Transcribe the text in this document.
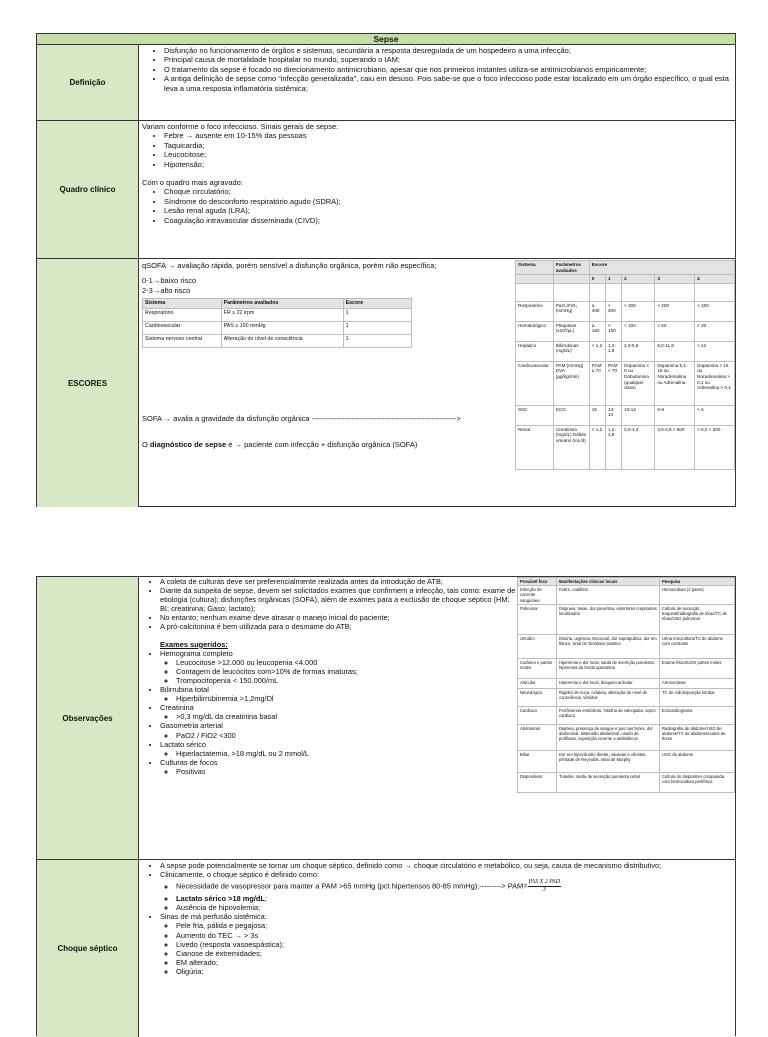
Sepse
Definição
• Disfunção no funcionamento de órgãos e sistemas, secundária a resposta desregulada de um hospedeiro a uma infecção;
• Principal causa de mortalidade hospitalar no mundo, superando o IAM;
• O tratamento da sepse é focado no direcionamento antimicrobiano, apesar que nos primeiros instantes utiliza-se antimicrobianos empiricamente;
• A antiga definição de sepse como “infecção generalizada”, caiu em desuso. Pois sabe-se que o foco infeccioso pode estar localizado em um órgão específico, o qual esta leva a uma resposta inflamatória sistêmica;
Quadro clínico

Variam conforme o foco infeccioso. Sinais gerais de sepse:

• Febre → ausente em 10-15% das pessoas
• Taquicardia;
• Leucocitose;
• Hipotensão;

Com o quadro mais agravado:

• Choque circulatório;
• Síndrome do desconforto respiratório agudo (SDRA);
• Lesão renal aguda (LRA);
• Coagulação intravascular disseminada (CIVD);
ESCORES

qSOFA → avaliação rápida, porém sensível a disfunção orgânica, porém não específica;

0-1→baixo risco

2-3→alto risco

Sistema	Parâmetros avaliados	Escore
Respiratório	FR ≥ 22 irpm	1
Cardiovascular	PAS ≤ 100 mmHg	1
Sistema nervoso central	Alteração do nível de consciência	1

SOFA → avalia a gravidade da disfunção orgânica ---------------------------------------------------------->

O diagnóstico de sepse é → paciente com infecção + disfunção orgânica (SOFA)

Sistema	Parâmetros avaliados	Escore				
		0	1	2	3	4

Respiratório	PaO₂/FiO₂ (mmHg)	≥ 400	< 400	< 300	< 200	< 100
Hematológico	Plaquetas (x10³/µL)	≥ 150	< 150	< 100	< 50	< 20
Hepático	Bilirrubinas (mg/dL)	< 1,2	1,2-1,9	2,0-5,9	6,0-11,9	> 12
Cardiovascular	PAM (mmHg) DVA (µg/kg/min)	PAM ≥ 70	PAM < 70	Dopamina < 5 ou Dobutamina (qualquer dose)	Dopamina 5,1-15 ou Noradrenalina ou Adrenalina	Dopamina > 15 ou Noradrenalina > 0,1 ou Adrenalina > 0,1
SNC	ECG	15	13-14	10-12	6-9	< 6
Renal	Creatinina (mg/dL) Débito urinário (mL/d)	< 1,2	1,2-1,9	2,0-3,4	3,5-4,9 < 500	> 5,0 < 200
Observações
• A coleta de culturas deve ser preferencialmente realizada antes da introdução de ATB;
• Diante da suspeita de sepse, devem ser solicitados exames que confirmem a infecção, tais como: exame de etiologia (cultura); disfunções orgânicas (SOFA), além de exames para a exclusão de choque séptico (HM; BI; creatinina; Gaso; lactato);
• No entanto; nenhum exame deve atrasar o manejo inicial do paciente;
• A pró-calcitonina é bem utilizada para o desmame do ATB;

Exames sugeridos:

• Hemograma completo
◦ Leucocitose >12.000 ou leucopenia <4.000
◦ Contagem de leucócitos com>10% de formas imaturas;
◦ Trompocitopenia < 150.000/mL
• Bilirrubina total
◦ Hiperbilirrubinemia >1,2mg/Dl
• Creatinina
◦ >0,3 mg/dL da creatinina basal
• Gasometria arterial
◦ PaO2 / FiO2 <300
• Lactato sérico
◦ Hiperlactatemia, >18 mg/dL ou 2 mmol/L
• Culturas de focos
◦ Positivas
Provável foco	Manifestações clínicas locais	Pesquisa
Infecção de corrente sanguínea	Febre, calafrios	Hemocultura (2 pares)
Pulmonar	Dispneia, tosse, dor pleurítica, estertores crepitantes localizados	Cultura de secreção traqueal/radiografia de tórax/TC de tórax/USG pulmonar
Urinário	Disúria, urgência miccional, dor suprapúbica, dor em flanco, sinal de Giordano positivo	Urina I/urocultura/TC de abdome com contraste
Cutâneo e partes moles	Hiperemia e dor local, saída de secreção purulenta, hiperemia da ferida operatória	Exame físico/USG partes moles
Articular	Hiperemia e dor local, bloqueio articular	Artrocentese
Neurológico	Rigidez de nuca, cefaleia, alteração do nível de consciência, vômitos	TC de crânio/punção lombar
Cardíaco	Fenômenos embólicos, história de valvopatia, sopro cardíaco	Ecocardiograma
Abdominal	Diarreia, presença de sangue e pus nas fezes, dor abdominal, distensão abdominal, usado de profilaxia, exposição recente a antibióticos	Radiografia de abdome/USG de abdome/TC de abdome/exame de fezes
Biliar	Dor em hipocôndrio direito, náuseas e vômitos, pêntade de Reynolds, sinal de Murphy	USG de abdome
Dispositivos	Tunelite, saída de secreção purulenta ostial	Cultura do dispositivo comparada com hemocultura periférica
Choque séptico
• A sepse pode potencialmente se tornar um choque séptico, definido como → choque circulatório e metabólico, ou seja, causa de mecanismo distributivo;
• Clinicamente, o choque séptico é definido como:
◦ Necessidade de vasopressor para manter a PAM >65 mmHg (pct hipertensos 80-85 mmHg);---------> $PAM= \frac{\text{PAS X 2 PAD}}{3}$
◦ Lactato sérico >18 mg/dL;
◦ Ausência de hipovolemia;
• Sinas de má perfusão sistêmica:
◦ Pele fria, pálida e pegajosa;
◦ Aumento do TEC → > 3s
◦ Livedo (resposta vasoespástica);
◦ Cianose de extremidades;
◦ EM alterado;
◦ Oligúria;
